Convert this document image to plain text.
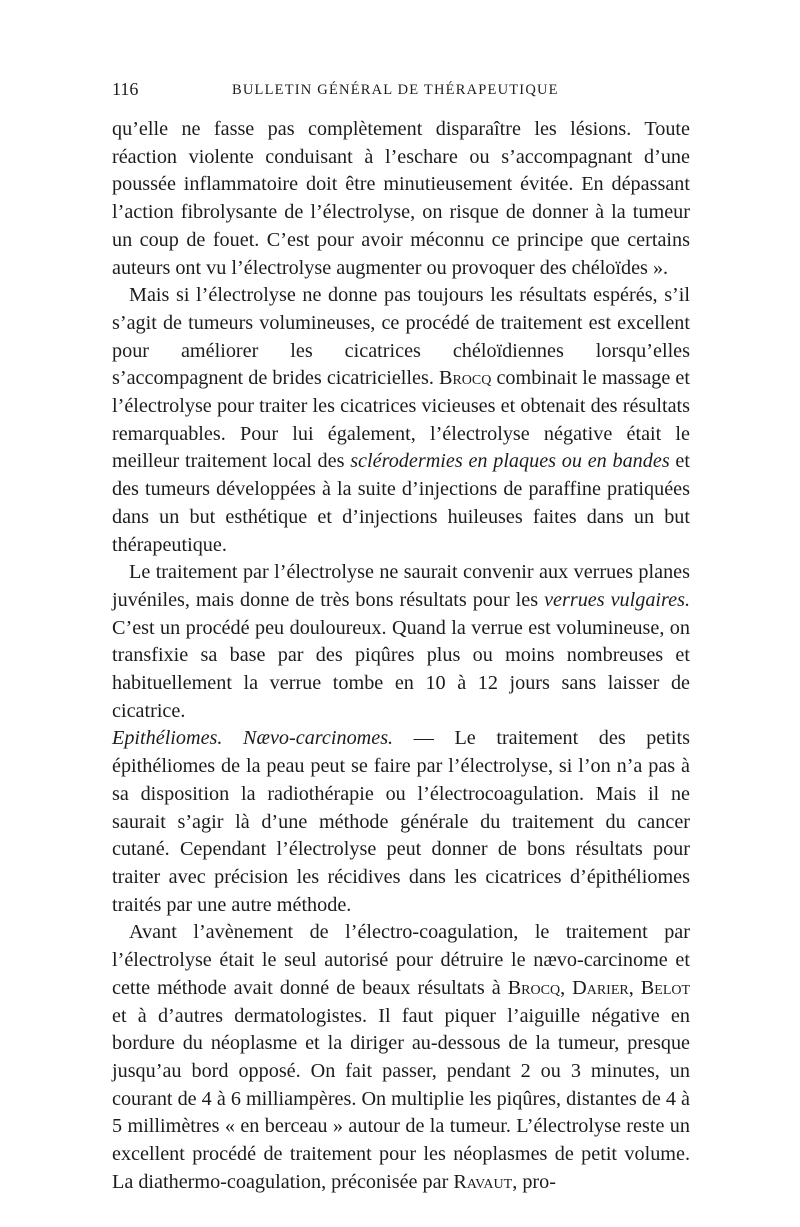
116	BULLETIN GÉNÉRAL DE THÉRAPEUTIQUE

qu’elle ne fasse pas complètement disparaître les lésions. Toute réaction violente conduisant à l’eschare ou s’accompagnant d’une poussée inflammatoire doit être minutieusement évitée. En dépassant l’action fibrolysante de l’électrolyse, on risque de donner à la tumeur un coup de fouet. C’est pour avoir méconnu ce principe que certains auteurs ont vu l’électrolyse augmenter ou provoquer des chéloïdes ».

Mais si l’électrolyse ne donne pas toujours les résultats espérés, s’il s’agit de tumeurs volumineuses, ce procédé de traitement est excellent pour améliorer les cicatrices chéloïdiennes lorsqu’elles s’accompagnent de brides cicatricielles. Brocq combinait le massage et l’électrolyse pour traiter les cicatrices vicieuses et obtenait des résultats remarquables. Pour lui également, l’électrolyse négative était le meilleur traitement local des sclérodermies en plaques ou en bandes et des tumeurs développées à la suite d’injections de paraffine pratiquées dans un but esthétique et d’injections huileuses faites dans un but thérapeutique.

Le traitement par l’électrolyse ne saurait convenir aux verrues planes juvéniles, mais donne de très bons résultats pour les verrues vulgaires. C’est un procédé peu douloureux. Quand la verrue est volumineuse, on transfixie sa base par des piqûres plus ou moins nombreuses et habituellement la verrue tombe en 10 à 12 jours sans laisser de cicatrice.

Epithéliomes. Nævo-carcinomes. — Le traitement des petits épithéliomes de la peau peut se faire par l’électrolyse, si l’on n’a pas à sa disposition la radiothérapie ou l’électrocoagulation. Mais il ne saurait s’agir là d’une méthode générale du traitement du cancer cutané. Cependant l’électrolyse peut donner de bons résultats pour traiter avec précision les récidives dans les cicatrices d’épithéliomes traités par une autre méthode.

Avant l’avènement de l’électro-coagulation, le traitement par l’électrolyse était le seul autorisé pour détruire le nævo-carcinome et cette méthode avait donné de beaux résultats à Brocq, Darier, Belot et à d’autres dermatologistes. Il faut piquer l’aiguille négative en bordure du néoplasme et la diriger au-dessous de la tumeur, presque jusqu’au bord opposé. On fait passer, pendant 2 ou 3 minutes, un courant de 4 à 6 milliampères. On multiplie les piqûres, distantes de 4 à 5 millimètres « en berceau » autour de la tumeur. L’électrolyse reste un excellent procédé de traitement pour les néoplasmes de petit volume. La diathermo-coagulation, préconisée par Ravaut, pro-
